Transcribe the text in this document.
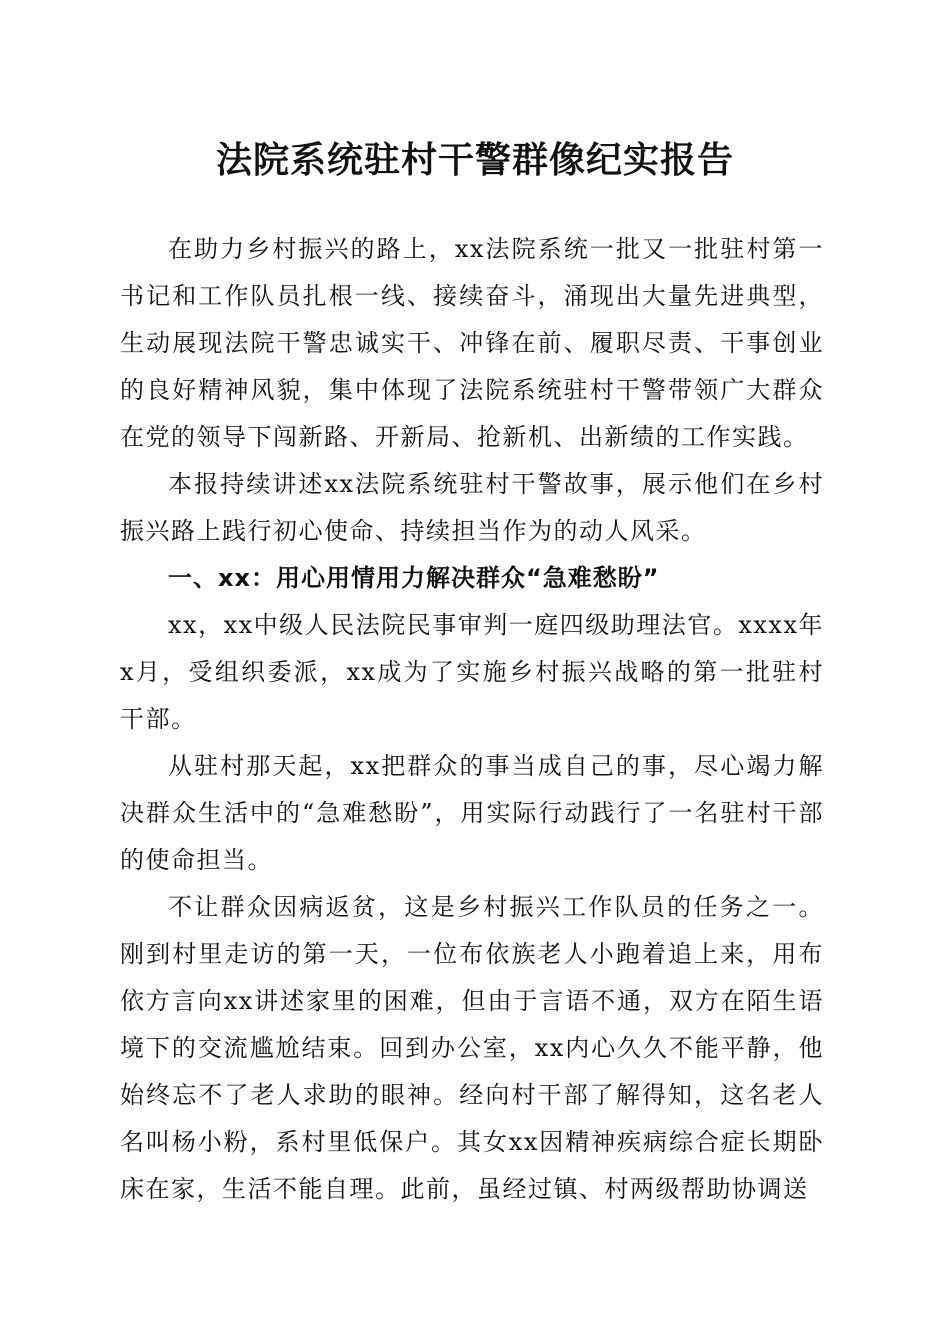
法院系统驻村干警群像纪实报告

在助力乡村振兴的路上，xx法院系统一批又一批驻村第一书记和工作队员扎根一线、接续奋斗，涌现出大量先进典型，生动展现法院干警忠诚实干、冲锋在前、履职尽责、干事创业的良好精神风貌，集中体现了法院系统驻村干警带领广大群众在党的领导下闯新路、开新局、抢新机、出新绩的工作实践。

本报持续讲述xx法院系统驻村干警故事，展示他们在乡村振兴路上践行初心使命、持续担当作为的动人风采。

一、xx：用心用情用力解决群众“急难愁盼”

xx，xx中级人民法院民事审判一庭四级助理法官。xxxx年x月，受组织委派，xx成为了实施乡村振兴战略的第一批驻村干部。

从驻村那天起，xx把群众的事当成自己的事，尽心竭力解决群众生活中的“急难愁盼”，用实际行动践行了一名驻村干部的使命担当。

不让群众因病返贫，这是乡村振兴工作队员的任务之一。刚到村里走访的第一天，一位布依族老人小跑着追上来，用布依方言向xx讲述家里的困难，但由于言语不通，双方在陌生语境下的交流尴尬结束。回到办公室，xx内心久久不能平静，他始终忘不了老人求助的眼神。经向村干部了解得知，这名老人名叫杨小粉，系村里低保户。其女xx因精神疾病综合症长期卧床在家，生活不能自理。此前，虽经过镇、村两级帮助协调送
